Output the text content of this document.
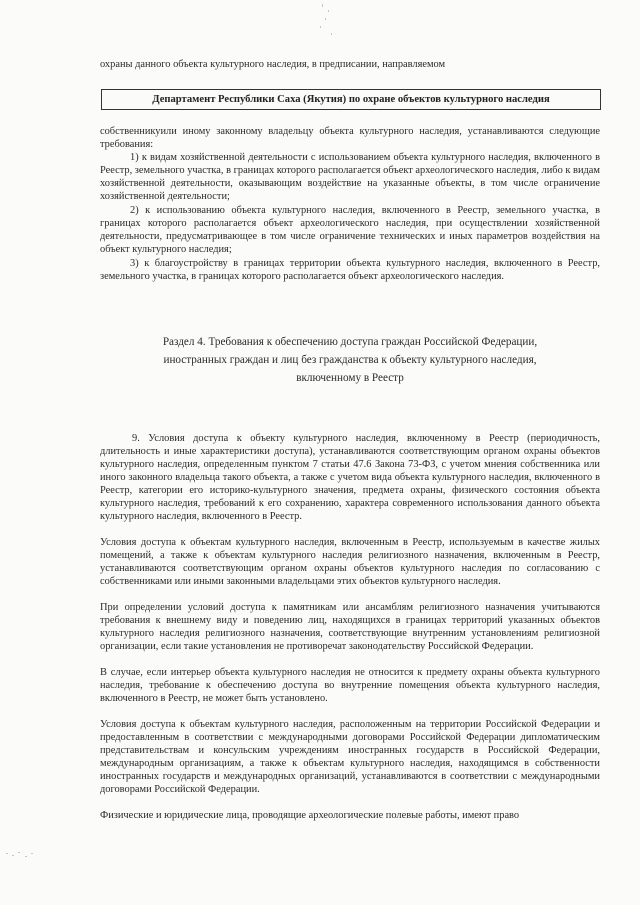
охраны данного объекта культурного наследия, в предписании, направляемом
Департамент Республики Саха (Якутия) по охране объектов культурного наследия
собственникуили иному законному владельцу объекта культурного наследия, устанавливаются следующие требования:
1) к видам хозяйственной деятельности с использованием объекта культурного наследия, включенного в Реестр, земельного участка, в границах которого располагается объект археологического наследия, либо к видам хозяйственной деятельности, оказывающим воздействие на указанные объекты, в том числе ограничение хозяйственной деятельности;
2) к использованию объекта культурного наследия, включенного в Реестр, земельного участка, в границах которого располагается объект археологического наследия, при осуществлении хозяйственной деятельности, предусматривающее в том числе ограничение технических и иных параметров воздействия на объект культурного наследия;
3) к благоустройству в границах территории объекта культурного наследия, включенного в Реестр, земельного участка, в границах которого располагается объект археологического наследия.
Раздел 4. Требования к обеспечению доступа граждан Российской Федерации,
иностранных граждан и лиц без гражданства к объекту культурного наследия,
включенному в Реестр
9. Условия доступа к объекту культурного наследия, включенному в Реестр (периодичность, длительность и иные характеристики доступа), устанавливаются соответствующим органом охраны объектов культурного наследия, определенным пунктом 7 статьи 47.6 Закона 73-ФЗ, с учетом мнения собственника или иного законного владельца такого объекта, а также с учетом вида объекта культурного наследия, включенного в Реестр, категории его историко-культурного значения, предмета охраны, физического состояния объекта культурного наследия, требований к его сохранению, характера современного использования данного объекта культурного наследия, включенного в Реестр.
Условия доступа к объектам культурного наследия, включенным в Реестр, используемым в качестве жилых помещений, а также к объектам культурного наследия религиозного назначения, включенным в Реестр, устанавливаются соответствующим органом охраны объектов культурного наследия по согласованию с собственниками или иными законными владельцами этих объектов культурного наследия.
При определении условий доступа к памятникам или ансамблям религиозного назначения учитываются требования к внешнему виду и поведению лиц, находящихся в границах территорий указанных объектов культурного наследия религиозного назначения, соответствующие внутренним установлениям религиозной организации, если такие установления не противоречат законодательству Российской Федерации.
В случае, если интерьер объекта культурного наследия не относится к предмету охраны объекта культурного наследия, требование к обеспечению доступа во внутренние помещения объекта культурного наследия, включенного в Реестр, не может быть установлено.
Условия доступа к объектам культурного наследия, расположенным на территории Российской Федерации и предоставленным в соответствии с международными договорами Российской Федерации дипломатическим представительствам и консульским учреждениям иностранных государств в Российской Федерации, международным организациям, а также к объектам культурного наследия, находящимся в собственности иностранных государств и международных организаций, устанавливаются в соответствии с международными договорами Российской Федерации.
Физические и юридические лица, проводящие археологические полевые работы, имеют право
